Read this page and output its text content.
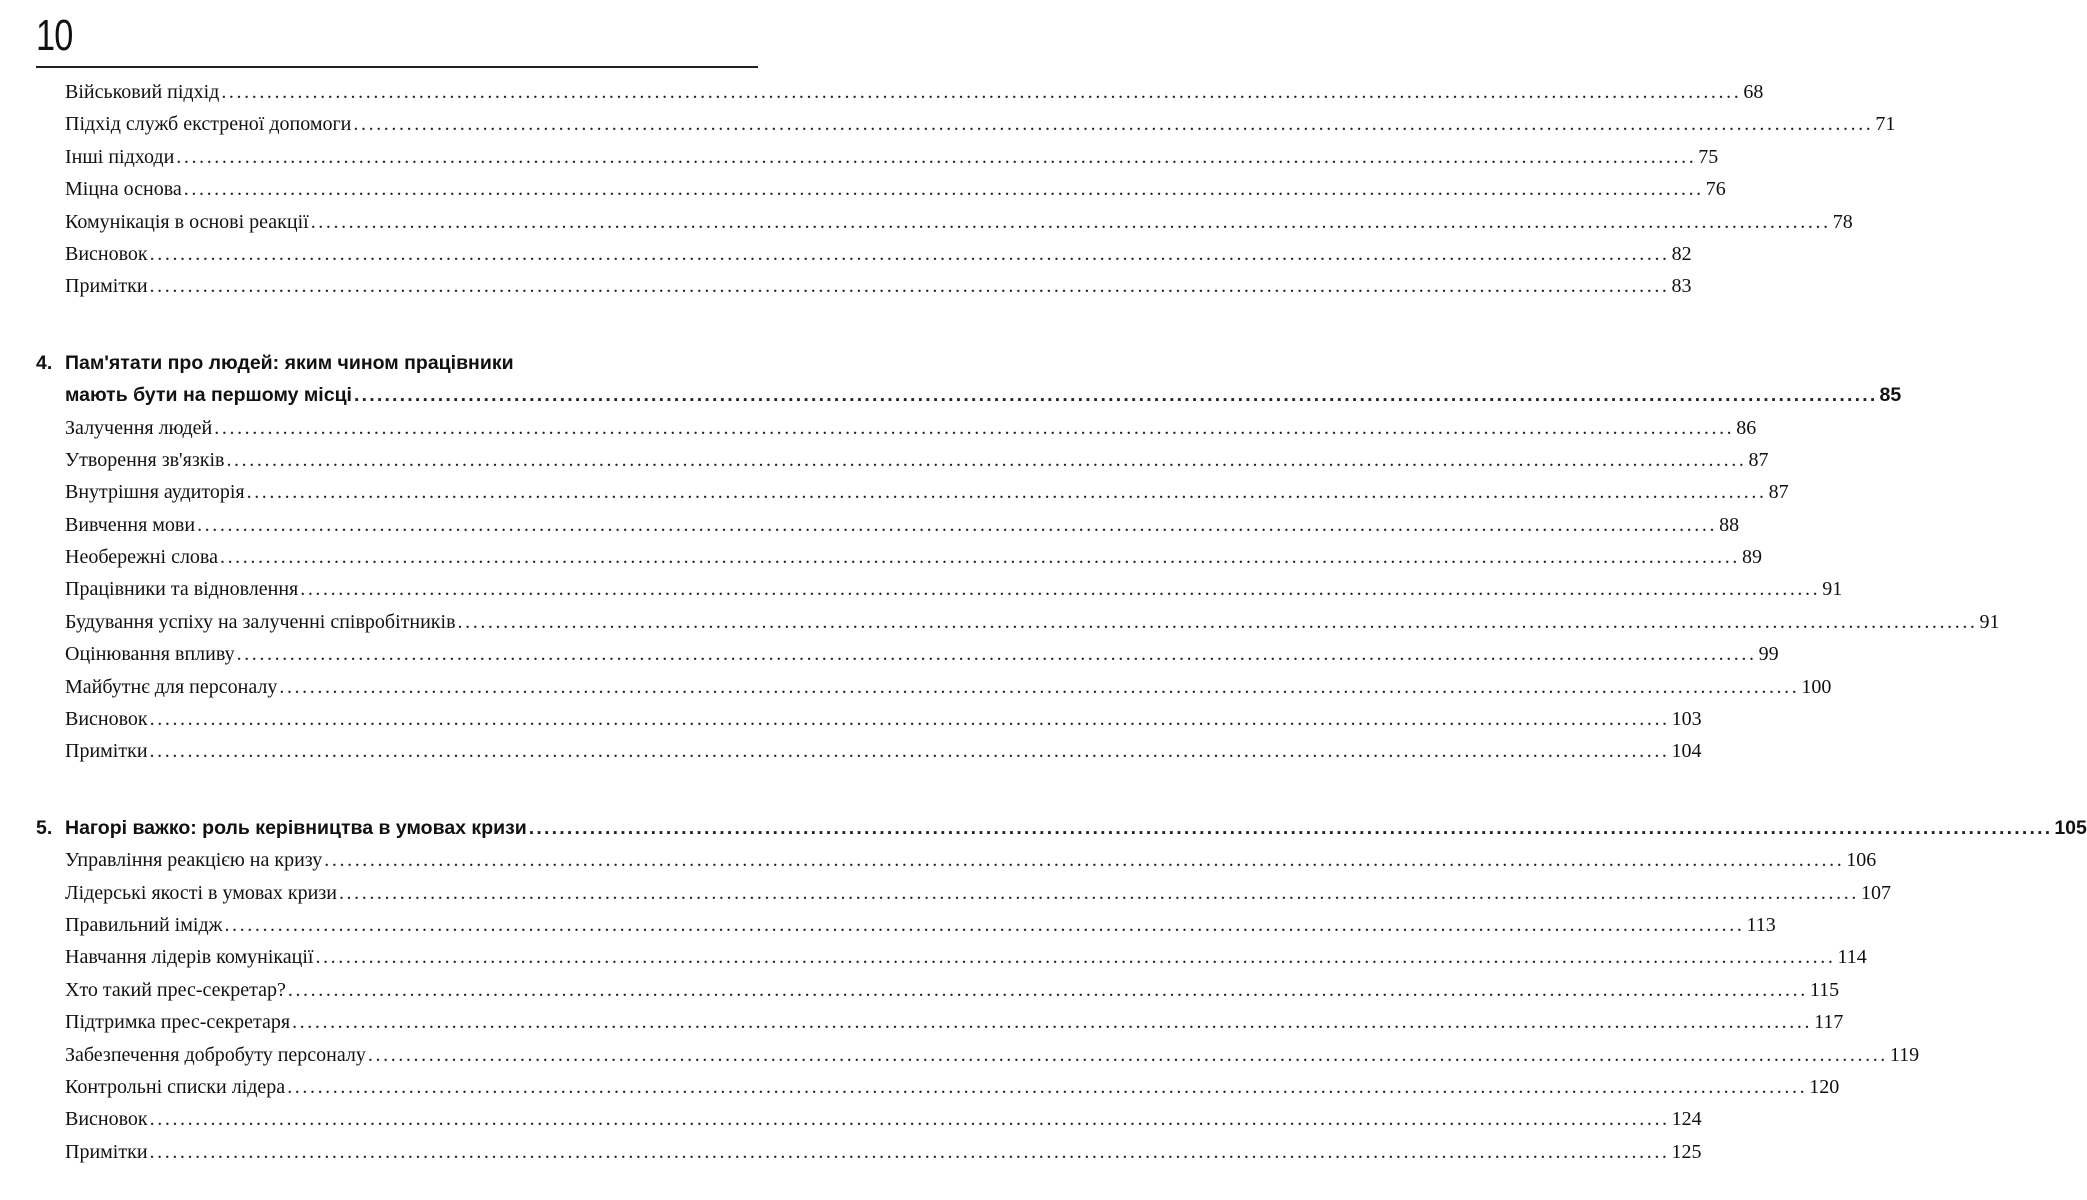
10
Військовий підхід ........................................................................................................................................................................................................ 68
Підхід служб екстреної допомоги ........................................................................................................................................................................................................ 71
Інші підходи ........................................................................................................................................................................................................ 75
Міцна основа ........................................................................................................................................................................................................ 76
Комунікація в основі реакції ........................................................................................................................................................................................................ 78
Висновок ........................................................................................................................................................................................................ 82
Примітки ........................................................................................................................................................................................................ 83
4. Пам'ятати про людей: яким чином працівники
мають бути на першому місці ........................................................................................................................................................................................................ 85
Залучення людей ........................................................................................................................................................................................................ 86
Утворення зв'язків ........................................................................................................................................................................................................ 87
Внутрішня аудиторія ........................................................................................................................................................................................................ 87
Вивчення мови ........................................................................................................................................................................................................ 88
Необережні слова ........................................................................................................................................................................................................ 89
Працівники та відновлення ........................................................................................................................................................................................................ 91
Будування успіху на залученні співробітників ........................................................................................................................................................................................................ 91
Оцінювання впливу ........................................................................................................................................................................................................ 99
Майбутнє для персоналу ........................................................................................................................................................................................................ 100
Висновок ........................................................................................................................................................................................................ 103
Примітки ........................................................................................................................................................................................................ 104
5. Нагорі важко: роль керівництва в умовах кризи ........................................................................................................................................................................................................ 105
Управління реакцією на кризу ........................................................................................................................................................................................................ 106
Лідерські якості в умовах кризи ........................................................................................................................................................................................................ 107
Правильний імідж ........................................................................................................................................................................................................ 113
Навчання лідерів комунікації ........................................................................................................................................................................................................ 114
Хто такий прес-секретар? ........................................................................................................................................................................................................ 115
Підтримка прес-секретаря ........................................................................................................................................................................................................ 117
Забезпечення добробуту персоналу ........................................................................................................................................................................................................ 119
Контрольні списки лідера ........................................................................................................................................................................................................ 120
Висновок ........................................................................................................................................................................................................ 124
Примітки ........................................................................................................................................................................................................ 125
